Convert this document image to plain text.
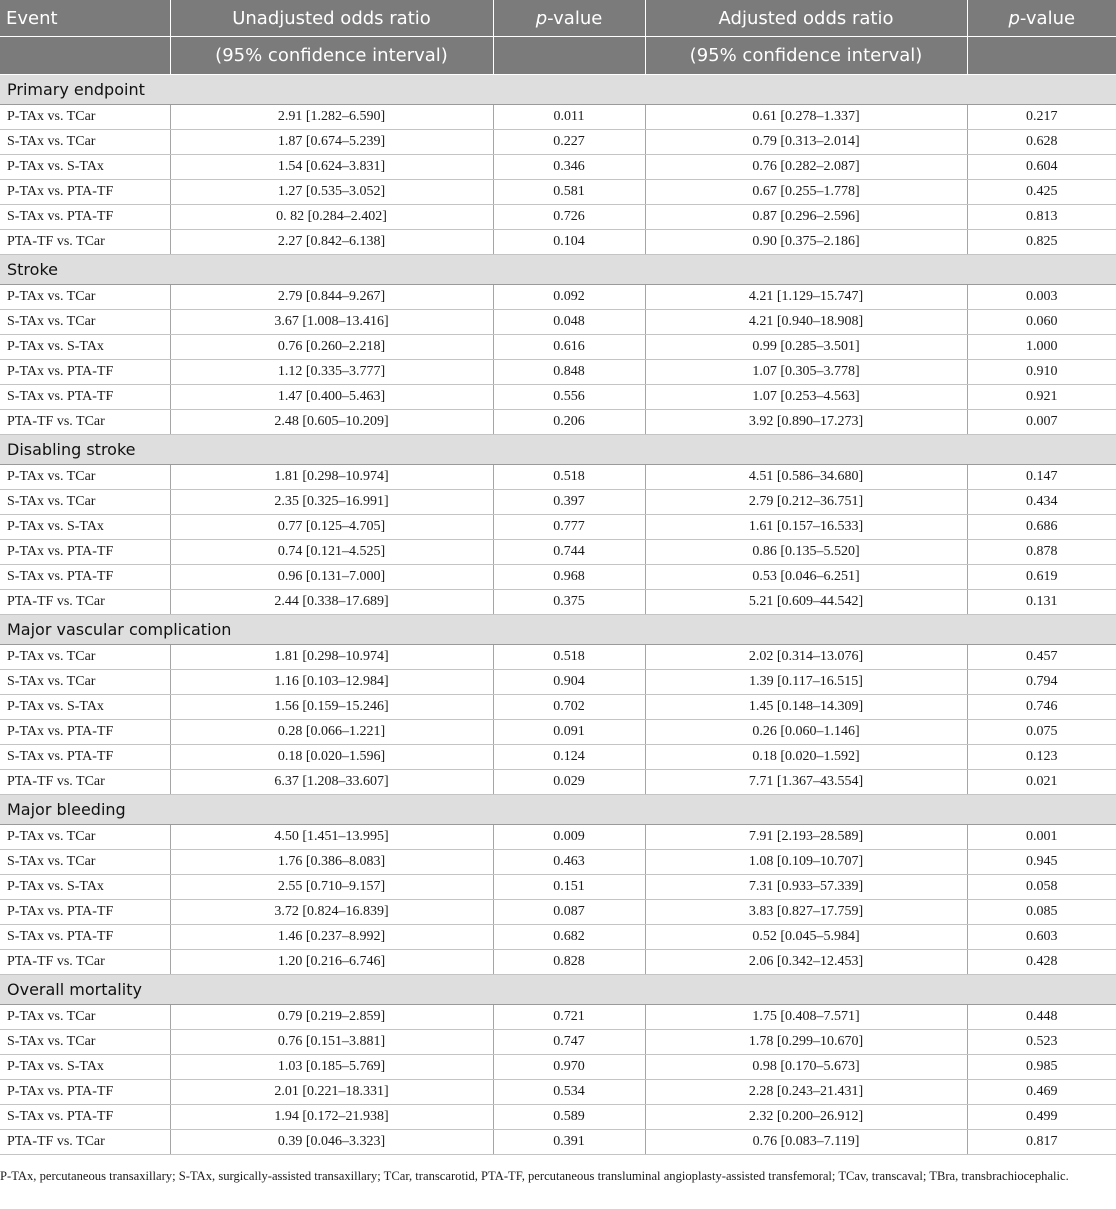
Event	Unadjusted odds ratio	p-value	Adjusted odds ratio	p-value
	(95% confidence interval)		(95% confidence interval)	
Primary endpoint				
P-TAx vs. TCar	2.91 [1.282–6.590]	0.011	0.61 [0.278–1.337]	0.217
S-TAx vs. TCar	1.87 [0.674–5.239]	0.227	0.79 [0.313–2.014]	0.628
P-TAx vs. S-TAx	1.54 [0.624–3.831]	0.346	0.76 [0.282–2.087]	0.604
P-TAx vs. PTA-TF	1.27 [0.535–3.052]	0.581	0.67 [0.255–1.778]	0.425
S-TAx vs. PTA-TF	0. 82 [0.284–2.402]	0.726	0.87 [0.296–2.596]	0.813
PTA-TF vs. TCar	2.27 [0.842–6.138]	0.104	0.90 [0.375–2.186]	0.825
Stroke				
P-TAx vs. TCar	2.79 [0.844–9.267]	0.092	4.21 [1.129–15.747]	0.003
S-TAx vs. TCar	3.67 [1.008–13.416]	0.048	4.21 [0.940–18.908]	0.060
P-TAx vs. S-TAx	0.76 [0.260–2.218]	0.616	0.99 [0.285–3.501]	1.000
P-TAx vs. PTA-TF	1.12 [0.335–3.777]	0.848	1.07 [0.305–3.778]	0.910
S-TAx vs. PTA-TF	1.47 [0.400–5.463]	0.556	1.07 [0.253–4.563]	0.921
PTA-TF vs. TCar	2.48 [0.605–10.209]	0.206	3.92 [0.890–17.273]	0.007
Disabling stroke				
P-TAx vs. TCar	1.81 [0.298–10.974]	0.518	4.51 [0.586–34.680]	0.147
S-TAx vs. TCar	2.35 [0.325–16.991]	0.397	2.79 [0.212–36.751]	0.434
P-TAx vs. S-TAx	0.77 [0.125–4.705]	0.777	1.61 [0.157–16.533]	0.686
P-TAx vs. PTA-TF	0.74 [0.121–4.525]	0.744	0.86 [0.135–5.520]	0.878
S-TAx vs. PTA-TF	0.96 [0.131–7.000]	0.968	0.53 [0.046–6.251]	0.619
PTA-TF vs. TCar	2.44 [0.338–17.689]	0.375	5.21 [0.609–44.542]	0.131
Major vascular complication				
P-TAx vs. TCar	1.81 [0.298–10.974]	0.518	2.02 [0.314–13.076]	0.457
S-TAx vs. TCar	1.16 [0.103–12.984]	0.904	1.39 [0.117–16.515]	0.794
P-TAx vs. S-TAx	1.56 [0.159–15.246]	0.702	1.45 [0.148–14.309]	0.746
P-TAx vs. PTA-TF	0.28 [0.066–1.221]	0.091	0.26 [0.060–1.146]	0.075
S-TAx vs. PTA-TF	0.18 [0.020–1.596]	0.124	0.18 [0.020–1.592]	0.123
PTA-TF vs. TCar	6.37 [1.208–33.607]	0.029	7.71 [1.367–43.554]	0.021
Major bleeding				
P-TAx vs. TCar	4.50 [1.451–13.995]	0.009	7.91 [2.193–28.589]	0.001
S-TAx vs. TCar	1.76 [0.386–8.083]	0.463	1.08 [0.109–10.707]	0.945
P-TAx vs. S-TAx	2.55 [0.710–9.157]	0.151	7.31 [0.933–57.339]	0.058
P-TAx vs. PTA-TF	3.72 [0.824–16.839]	0.087	3.83 [0.827–17.759]	0.085
S-TAx vs. PTA-TF	1.46 [0.237–8.992]	0.682	0.52 [0.045–5.984]	0.603
PTA-TF vs. TCar	1.20 [0.216–6.746]	0.828	2.06 [0.342–12.453]	0.428
Overall mortality				
P-TAx vs. TCar	0.79 [0.219–2.859]	0.721	1.75 [0.408–7.571]	0.448
S-TAx vs. TCar	0.76 [0.151–3.881]	0.747	1.78 [0.299–10.670]	0.523
P-TAx vs. S-TAx	1.03 [0.185–5.769]	0.970	0.98 [0.170–5.673]	0.985
P-TAx vs. PTA-TF	2.01 [0.221–18.331]	0.534	2.28 [0.243–21.431]	0.469
S-TAx vs. PTA-TF	1.94 [0.172–21.938]	0.589	2.32 [0.200–26.912]	0.499
PTA-TF vs. TCar	0.39 [0.046–3.323]	0.391	0.76 [0.083–7.119]	0.817
P-TAx, percutaneous transaxillary; S-TAx, surgically-assisted transaxillary; TCar, transcarotid, PTA-TF, percutaneous transluminal angioplasty-assisted transfemoral; TCav, transcaval; TBra, transbrachiocephalic.
